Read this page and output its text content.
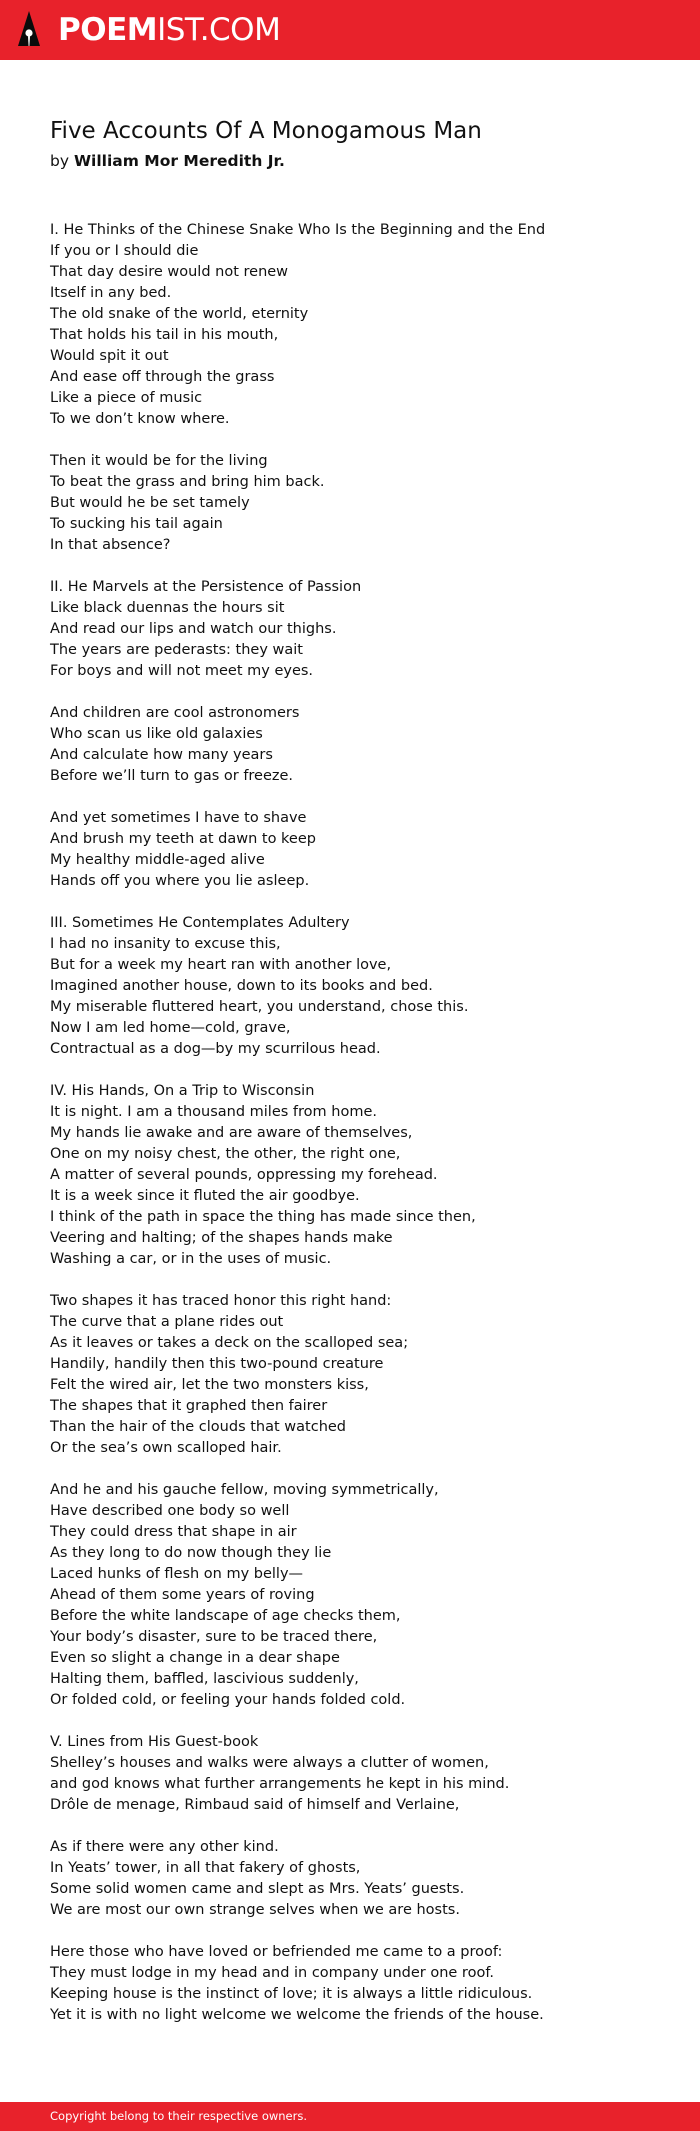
POEMIST.COM
Five Accounts Of A Monogamous Man
by William Mor Meredith Jr.
I. He Thinks of the Chinese Snake Who Is the Beginning and the End
If you or I should die
That day desire would not renew
Itself in any bed.
The old snake of the world, eternity
That holds his tail in his mouth,
Would spit it out
And ease off through the grass
Like a piece of music
To we don’t know where.
Then it would be for the living
To beat the grass and bring him back.
But would he be set tamely
To sucking his tail again
In that absence?
II. He Marvels at the Persistence of Passion
Like black duennas the hours sit
And read our lips and watch our thighs.
The years are pederasts: they wait
For boys and will not meet my eyes.
And children are cool astronomers
Who scan us like old galaxies
And calculate how many years
Before we’ll turn to gas or freeze.
And yet sometimes I have to shave
And brush my teeth at dawn to keep
My healthy middle-aged alive
Hands off you where you lie asleep.
III. Sometimes He Contemplates Adultery
I had no insanity to excuse this,
But for a week my heart ran with another love,
Imagined another house, down to its books and bed.
My miserable fluttered heart, you understand, chose this.
Now I am led home—cold, grave,
Contractual as a dog—by my scurrilous head.
IV. His Hands, On a Trip to Wisconsin
It is night. I am a thousand miles from home.
My hands lie awake and are aware of themselves,
One on my noisy chest, the other, the right one,
A matter of several pounds, oppressing my forehead.
It is a week since it fluted the air goodbye.
I think of the path in space the thing has made since then,
Veering and halting; of the shapes hands make
Washing a car, or in the uses of music.
Two shapes it has traced honor this right hand:
The curve that a plane rides out
As it leaves or takes a deck on the scalloped sea;
Handily, handily then this two-pound creature
Felt the wired air, let the two monsters kiss,
The shapes that it graphed then fairer
Than the hair of the clouds that watched
Or the sea’s own scalloped hair.
And he and his gauche fellow, moving symmetrically,
Have described one body so well
They could dress that shape in air
As they long to do now though they lie
Laced hunks of flesh on my belly—
Ahead of them some years of roving
Before the white landscape of age checks them,
Your body’s disaster, sure to be traced there,
Even so slight a change in a dear shape
Halting them, baffled, lascivious suddenly,
Or folded cold, or feeling your hands folded cold.
V. Lines from His Guest-book
Shelley’s houses and walks were always a clutter of women,
and god knows what further arrangements he kept in his mind.
Drôle de menage, Rimbaud said of himself and Verlaine,
As if there were any other kind.
In Yeats’ tower, in all that fakery of ghosts,
Some solid women came and slept as Mrs. Yeats’ guests.
We are most our own strange selves when we are hosts.
Here those who have loved or befriended me came to a proof:
They must lodge in my head and in company under one roof.
Keeping house is the instinct of love; it is always a little ridiculous.
Yet it is with no light welcome we welcome the friends of the house.
Copyright belong to their respective owners.
